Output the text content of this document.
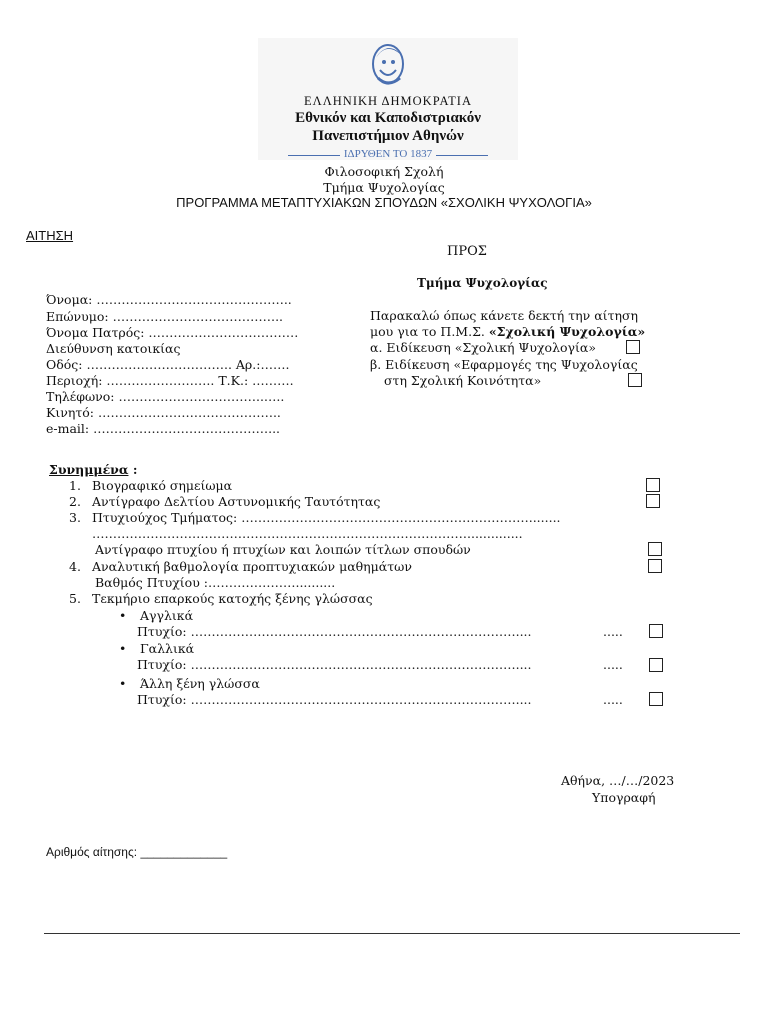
ΕΛΛΗΝΙΚΗ ΔΗΜΟΚΡΑΤΙΑ
Εθνικόν και Καποδιστριακόν
Πανεπιστήμιον Αθηνών
ΙΔΡΥΘΕΝ ΤΟ 1837
Φιλοσοφική Σχολή
Τμήμα Ψυχολογίας
ΠΡΟΓΡΑΜΜΑ ΜΕΤΑΠΤΥΧΙΑΚΩΝ ΣΠΟΥΔΩΝ «ΣΧΟΛΙΚΗ ΨΥΧΟΛΟΓΙΑ»
ΑΙΤΗΣΗ
ΠΡΟΣ
Τμήμα Ψυχολογίας
Όνομα: ………………………………………..
Επώνυμο: …………………………………..
Όνομα Πατρός: ………………………………
Διεύθυνση κατοικίας
Οδός: …………………………….. Αρ.:…….
Περιοχή: …………………….. Τ.Κ.: ……….
Τηλέφωνο: ……………………………..…..
Κινητό: ……………………………………..
e-mail: ……………………………………...
Παρακαλώ όπως κάνετε δεκτή την αίτηση
μου για το Π.Μ.Σ. «Σχολική Ψυχολογία»
α. Ειδίκευση «Σχολική Ψυχολογία»
β. Ειδίκευση «Εφαρμογές της Ψυχολογίας
στη Σχολική Κοινότητα»
Συνημμένα :
1. Βιογραφικό σημείωμα
2. Αντίγραφο Δελτίου Αστυνομικής Ταυτότητας
3. Πτυχιούχος Τμήματος: ……………………………………………………………........
………………………………………………………………………………..............
Αντίγραφο πτυχίου ή πτυχίων και λοιπών τίτλων σπουδών
4. Αναλυτική βαθμολογία προπτυχιακών μαθημάτων
Βαθμός Πτυχίου :…………………..........
5. Τεκμήριο επαρκούς κατοχής ξένης γλώσσας
• Αγγλικά
Πτυχίο: ……………………………………………………………………....	.....
• Γαλλικά
Πτυχίο: ……………………………………………………………………....	.....
• Άλλη ξένη γλώσσα
Πτυχίο: ……………………………………………………………………....	.....
Αθήνα, …/…/2023
Υπογραφή
Αριθμός αίτησης: _____________
